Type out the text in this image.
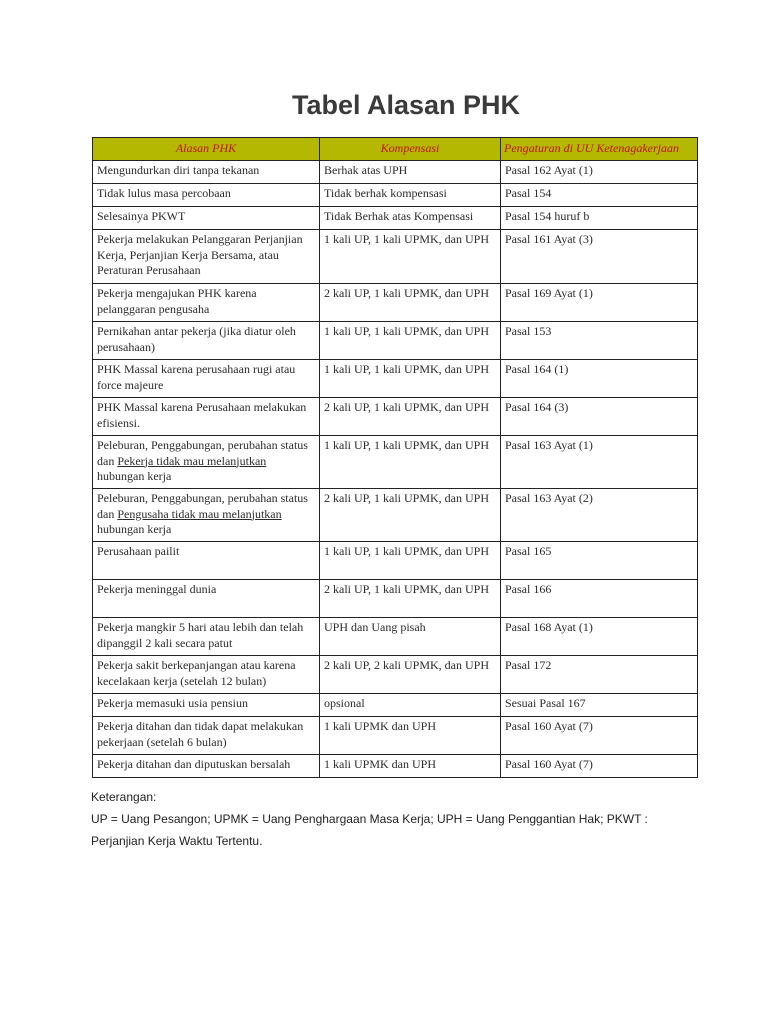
Tabel Alasan PHK
Alasan PHK	Kompensasi	Pengaturan di UU Ketenagakerjaan
Mengundurkan diri tanpa tekanan	Berhak atas UPH	Pasal 162 Ayat (1)
Tidak lulus masa percobaan	Tidak berhak kompensasi	Pasal 154
Selesainya PKWT	Tidak Berhak atas Kompensasi	Pasal 154 huruf b
Pekerja melakukan Pelanggaran Perjanjian Kerja, Perjanjian Kerja Bersama, atau Peraturan Perusahaan	1 kali UP, 1 kali UPMK, dan UPH	Pasal 161 Ayat (3)
Pekerja mengajukan PHK karena pelanggaran pengusaha	2 kali UP, 1 kali UPMK, dan UPH	Pasal 169 Ayat (1)
Pernikahan antar pekerja (jika diatur oleh perusahaan)	1 kali UP, 1 kali UPMK, dan UPH	Pasal 153
PHK Massal karena perusahaan rugi atau force majeure	1 kali UP, 1 kali UPMK, dan UPH	Pasal 164 (1)
PHK Massal karena Perusahaan melakukan efisiensi.	2 kali UP, 1 kali UPMK, dan UPH	Pasal 164 (3)
Peleburan, Penggabungan, perubahan status dan Pekerja tidak mau melanjutkan hubungan kerja	1 kali UP, 1 kali UPMK, dan UPH	Pasal 163 Ayat (1)
Peleburan, Penggabungan, perubahan status dan Pengusaha tidak mau melanjutkan hubungan kerja	2 kali UP, 1 kali UPMK, dan UPH	Pasal 163 Ayat (2)
Perusahaan pailit	1 kali UP, 1 kali UPMK, dan UPH	Pasal 165
Pekerja meninggal dunia	2 kali UP, 1 kali UPMK, dan UPH	Pasal 166
Pekerja mangkir 5 hari atau lebih dan telah dipanggil 2 kali secara patut	UPH dan Uang pisah	Pasal 168 Ayat (1)
Pekerja sakit berkepanjangan atau karena kecelakaan kerja (setelah 12 bulan)	2 kali UP, 2 kali UPMK, dan UPH	Pasal 172
Pekerja memasuki usia pensiun	opsional	Sesuai Pasal 167
Pekerja ditahan dan tidak dapat melakukan pekerjaan (setelah 6 bulan)	1 kali UPMK dan UPH	Pasal 160 Ayat (7)
Pekerja ditahan dan diputuskan bersalah	1 kali UPMK dan UPH	Pasal 160 Ayat (7)

Keterangan:

UP = Uang Pesangon; UPMK = Uang Penghargaan Masa Kerja; UPH = Uang Penggantian Hak; PKWT :

Perjanjian Kerja Waktu Tertentu.
